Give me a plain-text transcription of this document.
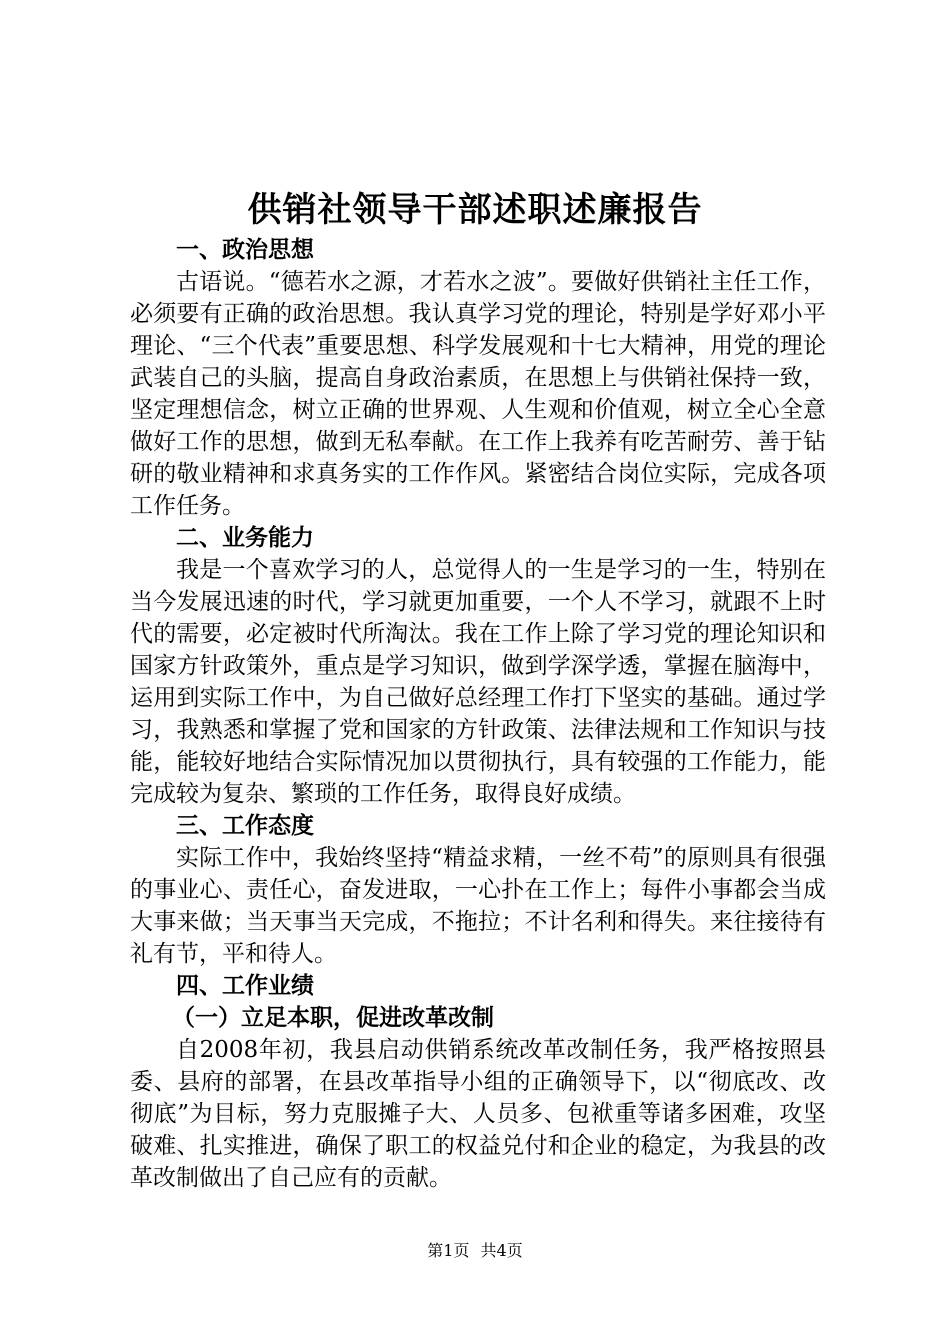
供销社领导干部述职述廉报告

一、政治思想

古语说。“德若水之源，才若水之波”。要做好供销社主任工作，必须要有正确的政治思想。我认真学习党的理论，特别是学好邓小平理论、“三个代表”重要思想、科学发展观和十七大精神，用党的理论武装自己的头脑，提高自身政治素质，在思想上与供销社保持一致，坚定理想信念，树立正确的世界观、人生观和价值观，树立全心全意做好工作的思想，做到无私奉献。在工作上我养有吃苦耐劳、善于钻研的敬业精神和求真务实的工作作风。紧密结合岗位实际，完成各项工作任务。

二、业务能力

我是一个喜欢学习的人，总觉得人的一生是学习的一生，特别在当今发展迅速的时代，学习就更加重要，一个人不学习，就跟不上时代的需要，必定被时代所淘汰。我在工作上除了学习党的理论知识和国家方针政策外，重点是学习知识，做到学深学透，掌握在脑海中，运用到实际工作中，为自己做好总经理工作打下坚实的基础。通过学习，我熟悉和掌握了党和国家的方针政策、法律法规和工作知识与技能，能较好地结合实际情况加以贯彻执行，具有较强的工作能力，能完成较为复杂、繁琐的工作任务，取得良好成绩。

三、工作态度

实际工作中，我始终坚持“精益求精，一丝不苟”的原则具有很强的事业心、责任心，奋发进取，一心扑在工作上；每件小事都会当成大事来做；当天事当天完成，不拖拉；不计名利和得失。来往接待有礼有节，平和待人。

四、工作业绩

（一）立足本职，促进改革改制

自2008年初，我县启动供销系统改革改制任务，我严格按照县委、县府的部署，在县改革指导小组的正确领导下，以“彻底改、改彻底”为目标，努力克服摊子大、人员多、包袱重等诸多困难，攻坚破难、扎实推进，确保了职工的权益兑付和企业的稳定，为我县的改革改制做出了自己应有的贡献。

第1页 共4页
